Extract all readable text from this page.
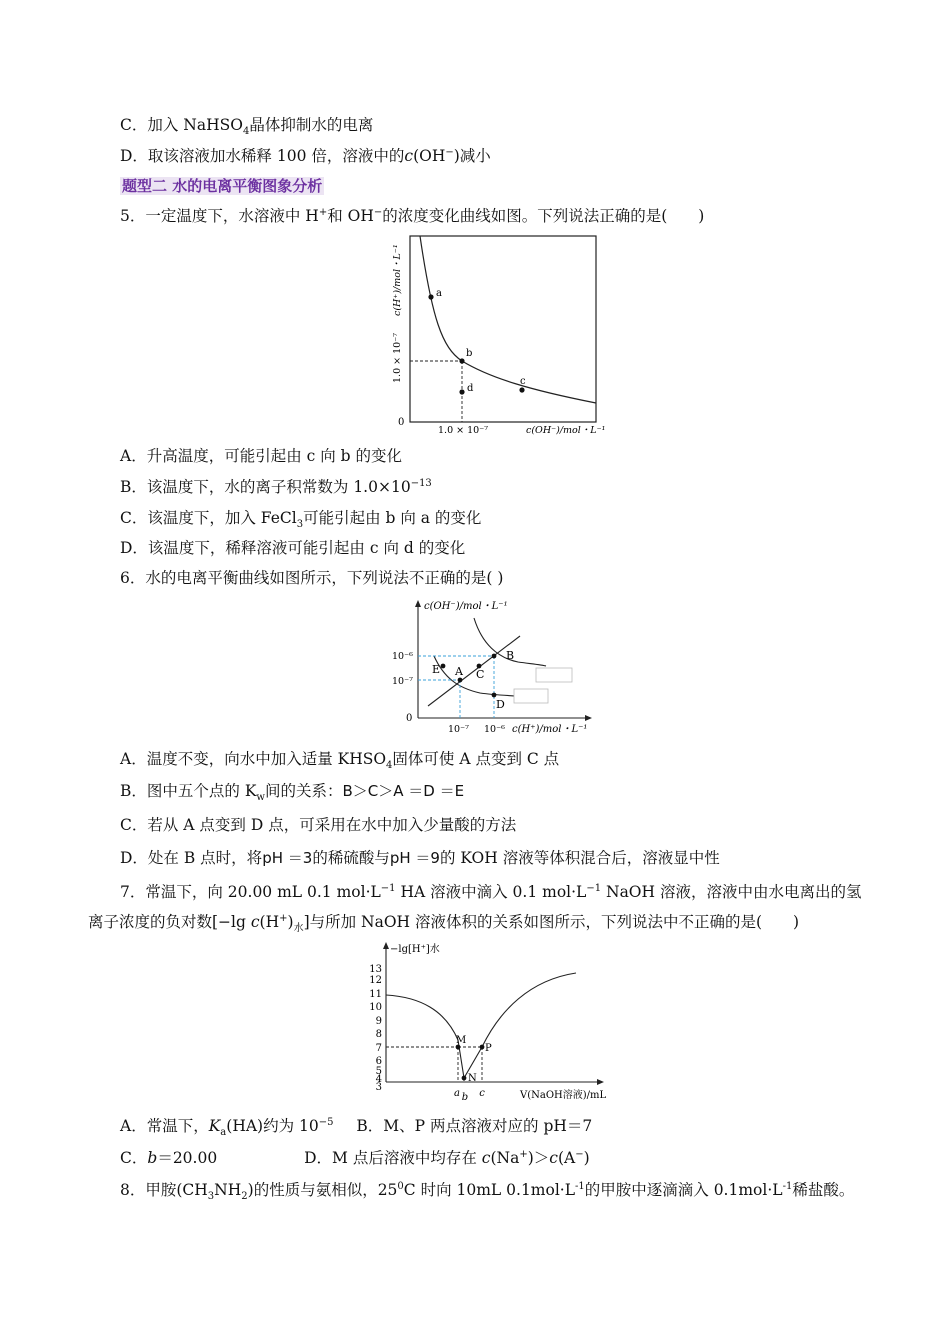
C．加入 NaHSO$_4$晶体抑制水的电离
D．取该溶液加水稀释 100 倍，溶液中的c(OH−)减小
题型二 水的电离平衡图象分析
5．一定温度下，水溶液中 H+和 OH−的浓度变化曲线如图。下列说法正确的是(　　)
a
b
c
d
0
1.0 × 10⁻⁷	c(OH⁻)/mol・L⁻¹
1.0 × 10⁻⁷
c(H⁺)/mol・L⁻¹
A．升高温度，可能引起由 c 向 b 的变化
B．该温度下，水的离子积常数为 $1.0\times 10^{-13}$
C．该温度下，加入 FeCl$_3$可能引起由 b 向 a 的变化
D．该温度下，稀释溶液可能引起由 c 向 d 的变化
6．水的电离平衡曲线如图所示，下列说法不正确的是( )
E A C
B
D
c(OH⁻)/mol・L⁻¹
10⁻⁶
10⁻⁷
0
10⁻⁷ 10⁻⁶ c(H⁺)/mol・L⁻¹
A．温度不变，向水中加入适量 $KHSO_4$固体可使 A 点变到 C 点
B．图中五个点的 $K_w$间的关系：B＞C＞A ＝D ＝E
C．若从 A 点变到 D 点，可采用在水中加入少量酸的方法
D．处在 B 点时，将pH ＝3的稀硫酸与pH ＝9的 KOH 溶液等体积混合后，溶液显中性
7．常温下，向 20.00 mL 0.1 $mol\cdot L^{-1}$ HA 溶液中滴入 0.1 $mol\cdot L^{-1}$ NaOH 溶液，溶液中由水电离出的氢
离子浓度的负对数[−lg $c(H^+)_水$]与所加 NaOH 溶液体积的关系如图所示，下列说法中不正确的是(　　)
M
N
P
−lg[H⁺]水
13
12
11
10
9
8
7
6
5
4
3
a b c	V(NaOH溶液)/mL
A．常温下，$K_a(HA)$约为 $10^{-5}$ B．M、P 两点溶液对应的 pH＝7
C．b＝20.00	D．M 点后溶液中均存在 c(Na+)＞c(A−)
8．甲胺$(CH_3NH_2)$的性质与氨相似，$25^0C$ 时向 10mL $0.1mol\cdot L^{-1}$的甲胺中逐滴滴入 $0.1mol\cdot L^{-1}$稀盐酸。
